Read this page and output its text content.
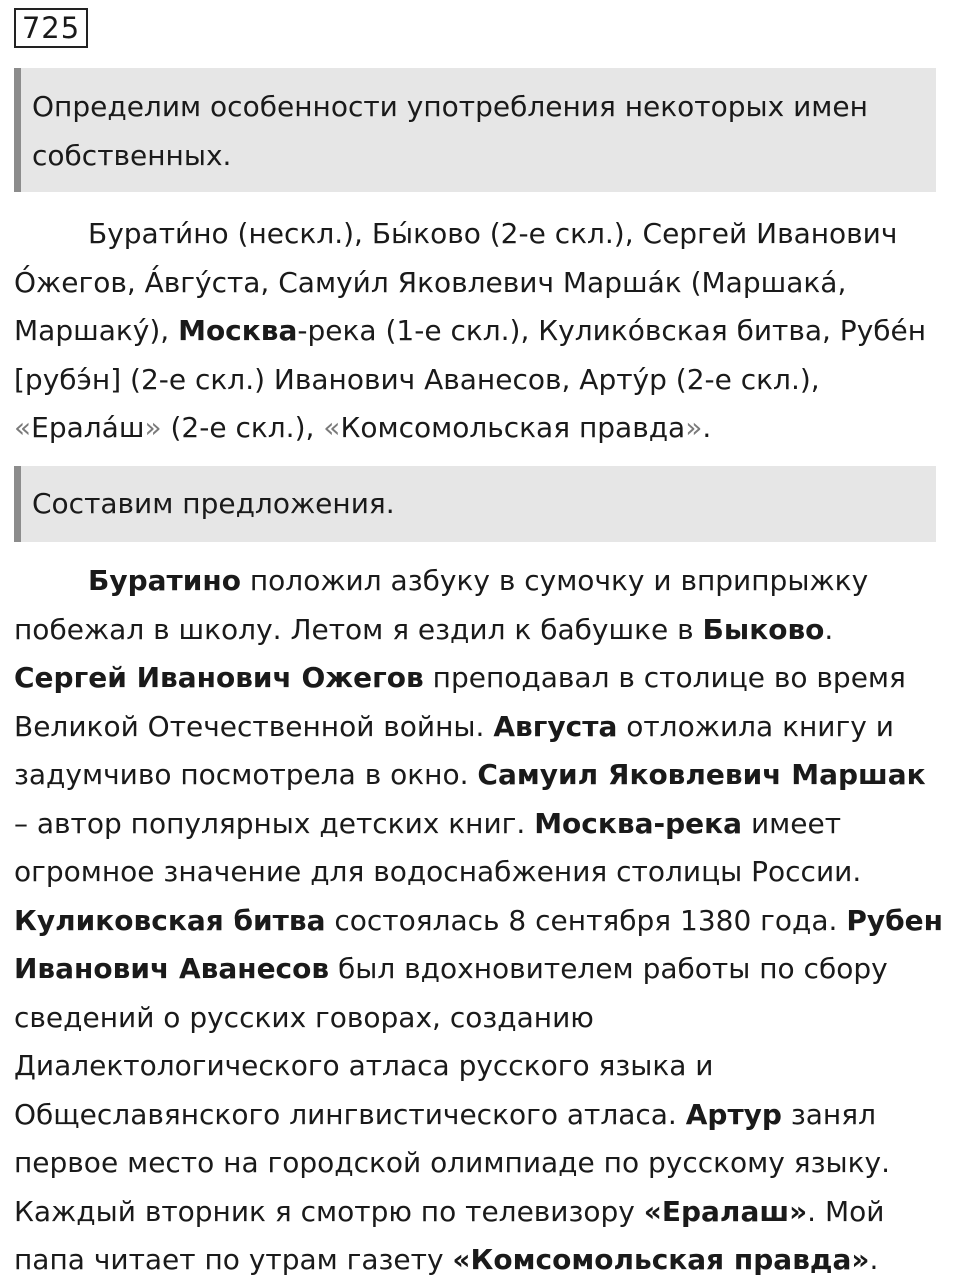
725
Определим особенности употребления некоторых имен собственных.
Бурати́но (нескл.), Бы́ково (2-е скл.), Сергей Иванович
О́жегов, А́вгу́ста, Самуи́л Яковлевич Марша́к (Маршака́,
Маршаку́), Москва-река (1-е скл.), Кулико́вская битва, Рубе́н
[рубэ́н] (2-е скл.) Иванович Аванесов, Арту́р (2-е скл.),
«Ерала́ш» (2-е скл.), «Комсомольская правда».
Составим предложения.
Буратино положил азбуку в сумочку и вприпрыжку
побежал в школу. Летом я ездил к бабушке в Быково.
Сергей Иванович Ожегов преподавал в столице во время
Великой Отечественной войны. Августа отложила книгу и
задумчиво посмотрела в окно. Самуил Яковлевич Маршак
– автор популярных детских книг. Москва-река имеет
огромное значение для водоснабжения столицы России.
Куликовская битва состоялась 8 сентября 1380 года. Рубен
Иванович Аванесов был вдохновителем работы по сбору
сведений о русских говорах, созданию
Диалектологического атласа русского языка и
Общеславянского лингвистического атласа. Артур занял
первое место на городской олимпиаде по русскому языку.
Каждый вторник я смотрю по телевизору «Ералаш». Мой
папа читает по утрам газету «Комсомольская правда».
